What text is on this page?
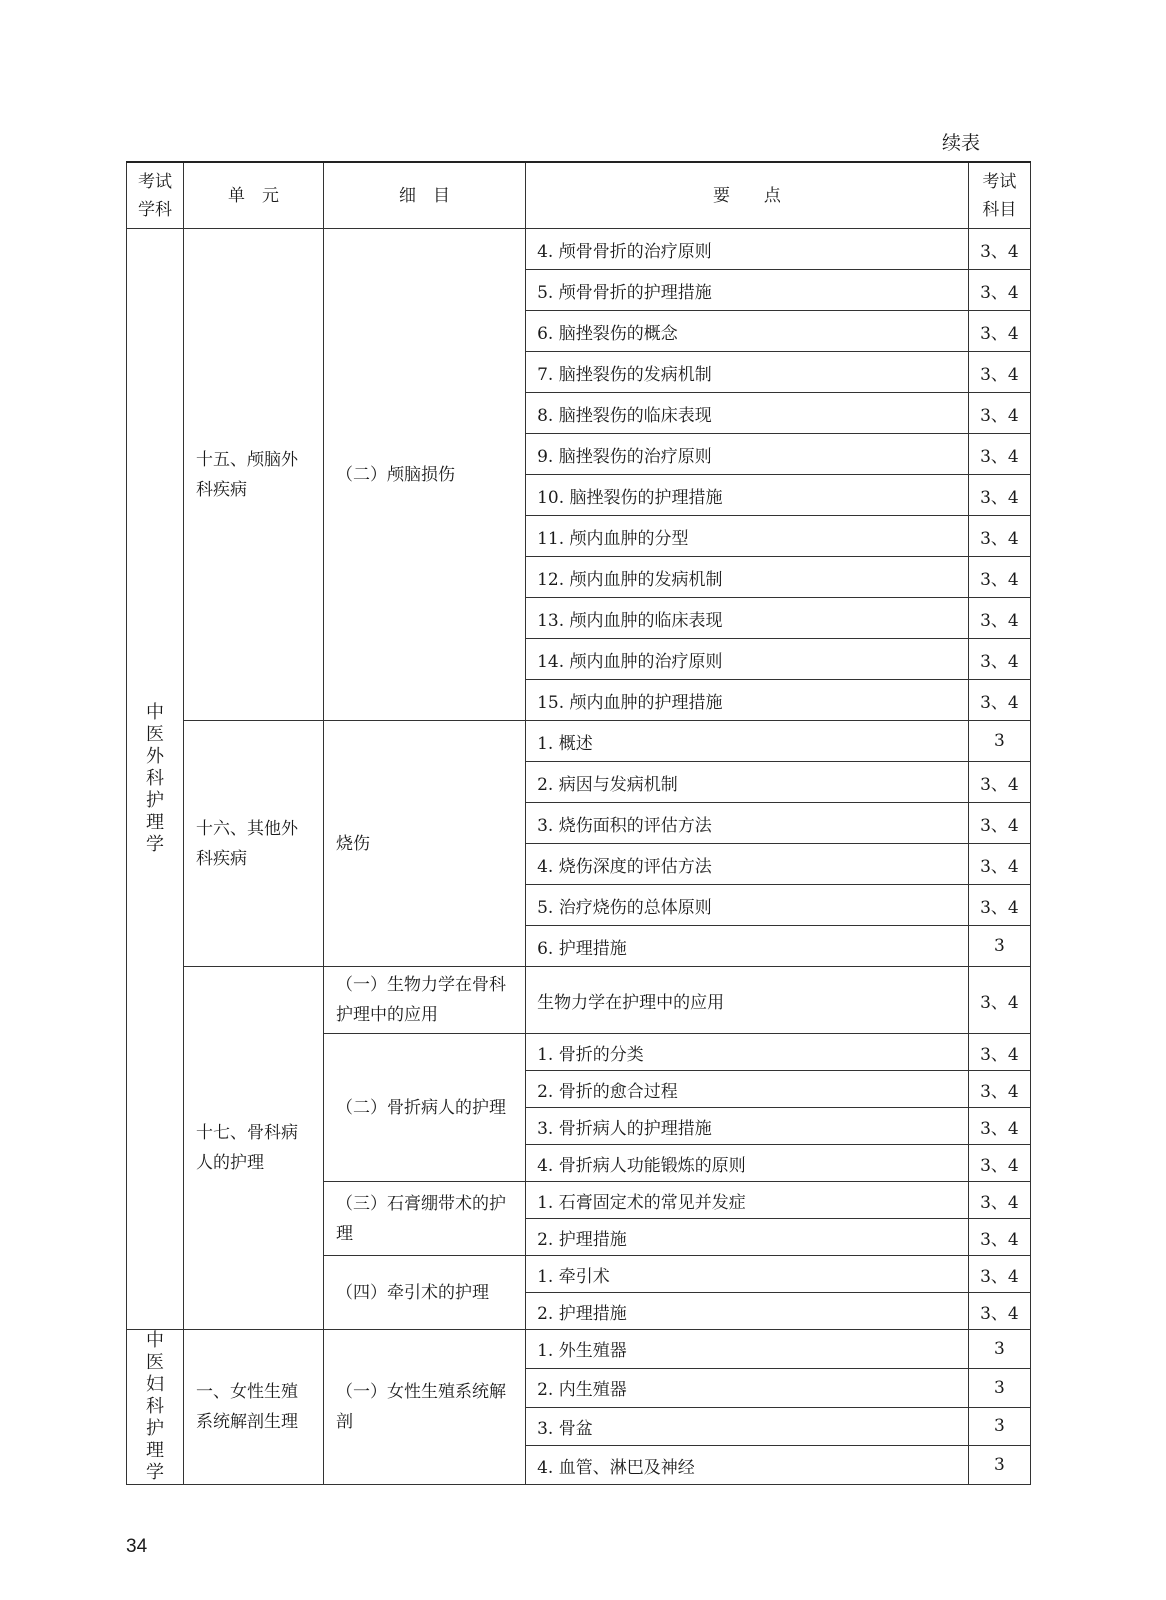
续表
考试学科	单　元	细　目	要　　点	考试科目

中医外科护理学	十五、颅脑外科疾病	（二）颅脑损伤	4. 颅骨骨折的治疗原则	3、4
			5. 颅骨骨折的护理措施	3、4
			6. 脑挫裂伤的概念	3、4
			7. 脑挫裂伤的发病机制	3、4
			8. 脑挫裂伤的临床表现	3、4
			9. 脑挫裂伤的治疗原则	3、4
			10. 脑挫裂伤的护理措施	3、4
			11. 颅内血肿的分型	3、4
			12. 颅内血肿的发病机制	3、4
			13. 颅内血肿的临床表现	3、4
			14. 颅内血肿的治疗原则	3、4
			15. 颅内血肿的护理措施	3、4
	十六、其他外科疾病	烧伤	1. 概述	3
			2. 病因与发病机制	3、4
			3. 烧伤面积的评估方法	3、4
			4. 烧伤深度的评估方法	3、4
			5. 治疗烧伤的总体原则	3、4
			6. 护理措施	3
	十七、骨科病人的护理	（一）生物力学在骨科护理中的应用	生物力学在护理中的应用	3、4
		（二）骨折病人的护理	1. 骨折的分类	3、4
			2. 骨折的愈合过程	3、4
			3. 骨折病人的护理措施	3、4
			4. 骨折病人功能锻炼的原则	3、4
		（三）石膏绷带术的护理	1. 石膏固定术的常见并发症	3、4
			2. 护理措施	3、4
		（四）牵引术的护理	1. 牵引术	3、4
			2. 护理措施	3、4

中医妇科护理学	一、女性生殖系统解剖生理	（一）女性生殖系统解剖	1. 外生殖器	3
			2. 内生殖器	3
			3. 骨盆	3
			4. 血管、淋巴及神经	3
34
